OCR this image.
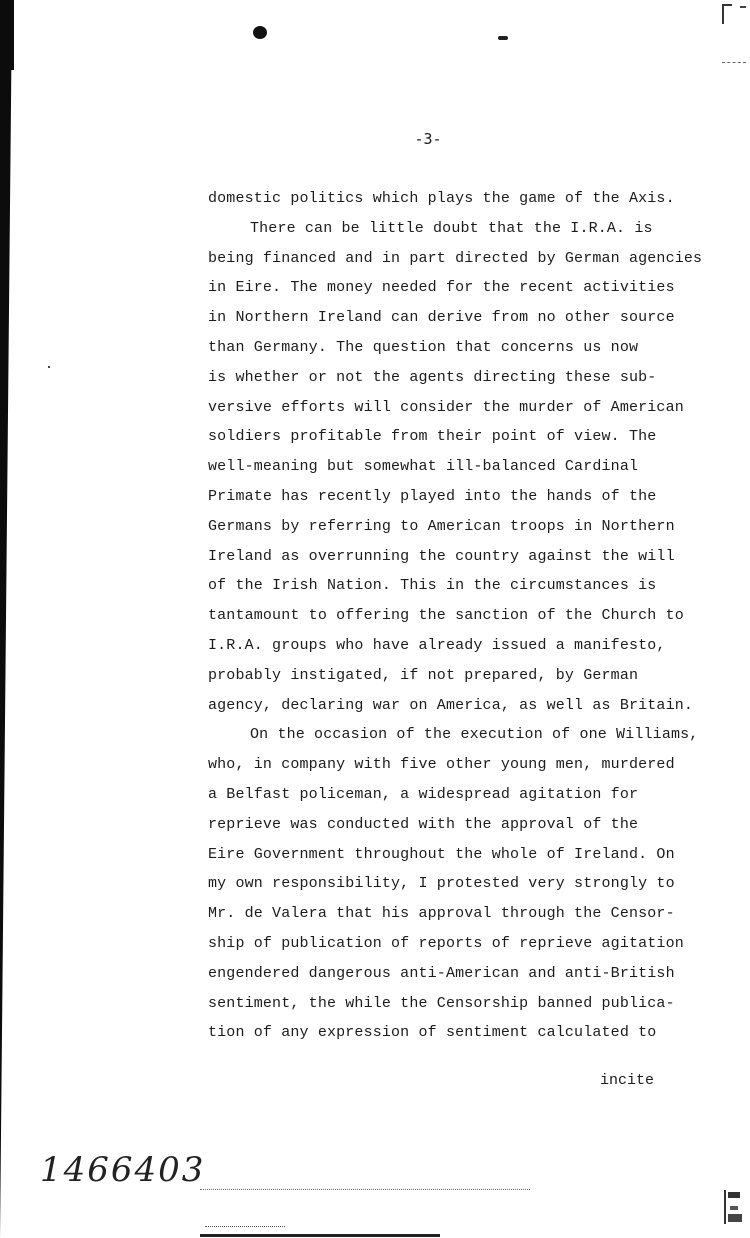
-3-
domestic politics which plays the game of the Axis.
There can be little doubt that the I.R.A. is
being financed and in part directed by German agencies
in Eire. The money needed for the recent activities
in Northern Ireland can derive from no other source
than Germany. The question that concerns us now
is whether or not the agents directing these sub-
versive efforts will consider the murder of American
soldiers profitable from their point of view. The
well-meaning but somewhat ill-balanced Cardinal
Primate has recently played into the hands of the
Germans by referring to American troops in Northern
Ireland as overrunning the country against the will
of the Irish Nation. This in the circumstances is
tantamount to offering the sanction of the Church to
I.R.A. groups who have already issued a manifesto,
probably instigated, if not prepared, by German
agency, declaring war on America, as well as Britain.
On the occasion of the execution of one Williams,
who, in company with five other young men, murdered
a Belfast policeman, a widespread agitation for
reprieve was conducted with the approval of the
Eire Government throughout the whole of Ireland. On
my own responsibility, I protested very strongly to
Mr. de Valera that his approval through the Censor-
ship of publication of reports of reprieve agitation
engendered dangerous anti-American and anti-British
sentiment, the while the Censorship banned publica-
tion of any expression of sentiment calculated to
incite
1466403
